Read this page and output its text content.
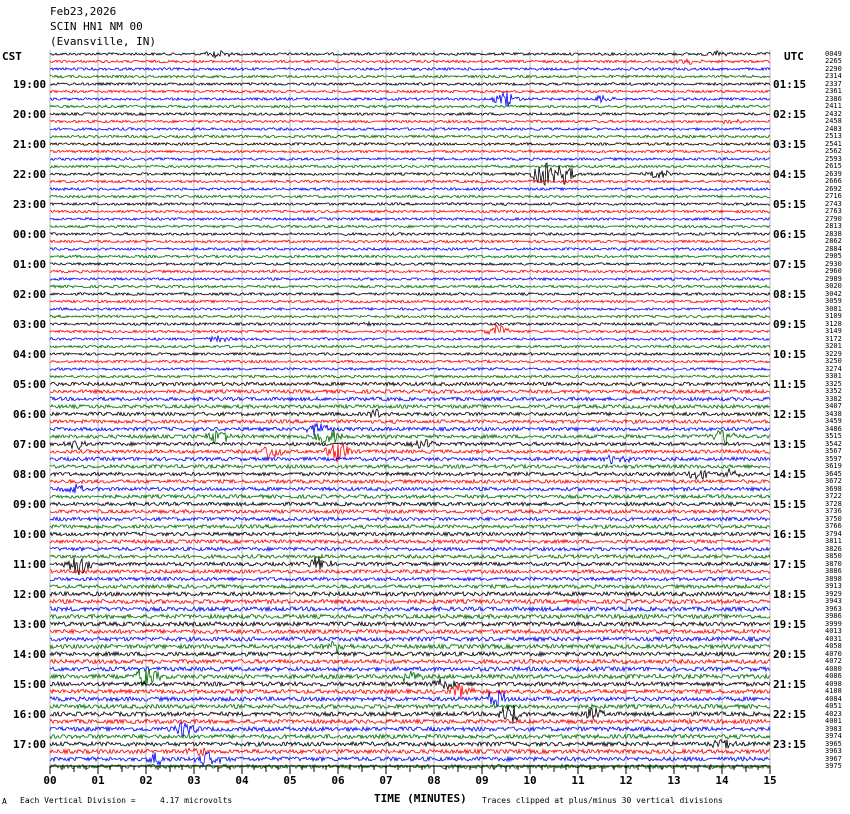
Feb23,2026
SCIN HN1 NM 00
(Evansville, IN)
CST	UTC
00	01	02	03	04	05	06	07	08	09	10	11	12	13	14	15
19:00
20:00
21:00
22:00
23:00
00:00
01:00
02:00
03:00
04:00
05:00
06:00
07:00
08:00
09:00
10:00
11:00
12:00
13:00
14:00
15:00
16:00
17:00
01:15
02:15
03:15
04:15
05:15
06:15
07:15
08:15
09:15
10:15
11:15
12:15
13:15
14:15
15:15
16:15
17:15
18:15
19:15
20:15
21:15
22:15
23:15
0049
2265
2290
2314
2337
2361
2386
2411
2432
2458
2483
2513
2541
2562
2593
2615
2639
2666
2692
2716
2743
2763
2790
2813
2838
2862
2884
2905
2930
2960
2989
3020
3042
3059
3081
3109
3128
3149
3172
3201
3229
3250
3274
3301
3325
3352
3382
3407
3438
3459
3486
3515
3542
3567
3597
3619
3645
3672
3698
3722
3728
3736
3750
3766
3794
3811
3826
3850
3870
3886
3898
3913
3929
3943
3963
3986
3999
4013
4031
4058
4070
4072
4080
4086
4098
4108
4084
4051
4023
4001
3983
3974
3965
3963
3967
3975
TIME (MINUTES)
A Each Vertical Division =	4.17 microvolts	Traces clipped at plus/minus 30 vertical divisions
